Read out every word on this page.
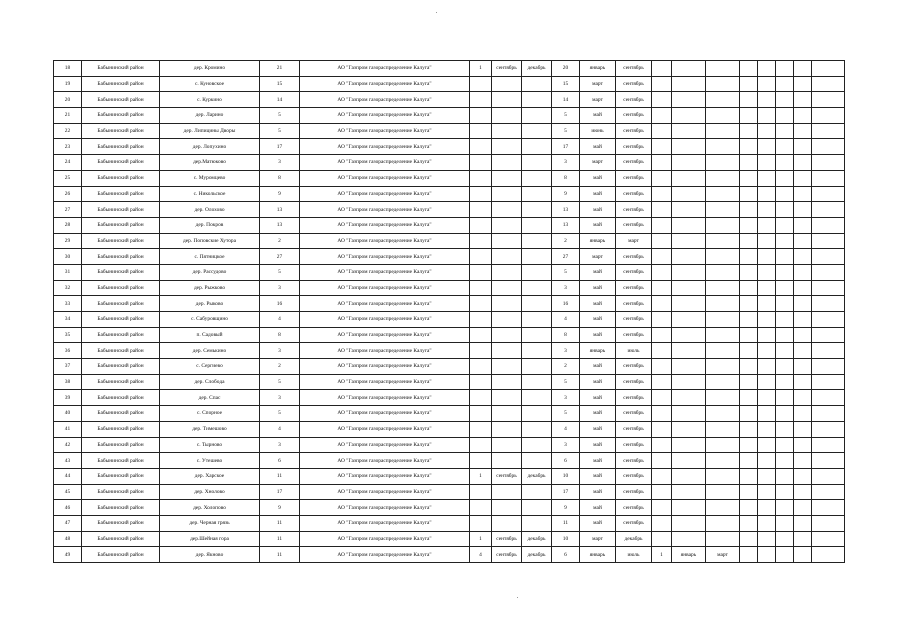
18	Бабынинский район	дер. Кромино	21	АО "Газпром газораспределение Калуга"	1	сентябрь	декабрь	20	январь	сентябрь								
19	Бабынинский район	с. Куновское	15	АО "Газпром газораспределение Калуга"				15	март	сентябрь								
20	Бабынинский район	с. Куркино	14	АО "Газпром газораспределение Калуга"				14	март	сентябрь								
21	Бабынинский район	дер. Ларино	5	АО "Газпром газораспределение Калуга"				5	май	сентябрь								
22	Бабынинский район	дер. Липицины Дворы	5	АО "Газпром газораспределение Калуга"				5	июнь	сентябрь								
23	Бабынинский район	дер. Лопухино	17	АО "Газпром газораспределение Калуга"				17	май	сентябрь								
24	Бабынинский район	дер.Матюково	3	АО "Газпром газораспределение Калуга"				3	март	сентябрь								
25	Бабынинский район	с. Муромцево	8	АО "Газпром газораспределение Калуга"				8	май	сентябрь								
26	Бабынинский район	с. Никольское	9	АО "Газпром газораспределение Калуга"				9	май	сентябрь								
27	Бабынинский район	дер. Олохово	13	АО "Газпром газораспределение Калуга"				13	май	сентябрь								
28	Бабынинский район	дер. Покров	13	АО "Газпром газораспределение Калуга"				13	май	сентябрь								
29	Бабынинский район	дер. Поповские Хутора	2	АО "Газпром газораспределение Калуга"				2	январь	март								
30	Бабынинский район	с. Пятницкое	27	АО "Газпром газораспределение Калуга"				27	март	сентябрь								
31	Бабынинский район	дер. Рассудово	5	АО "Газпром газораспределение Калуга"				5	май	сентябрь								
32	Бабынинский район	дер. Рыжково	3	АО "Газпром газораспределение Калуга"				3	май	сентябрь								
33	Бабынинский район	дер. Рыково	16	АО "Газпром газораспределение Калуга"				16	май	сентябрь								
34	Бабынинский район	с. Сабуровщино	4	АО "Газпром газораспределение Калуга"				4	май	сентябрь								
35	Бабынинский район	п. Садовый	8	АО "Газпром газораспределение Калуга"				8	май	сентябрь								
36	Бабынинский район	дер. Семькино	3	АО "Газпром газораспределение Калуга"				3	январь	июль								
37	Бабынинский район	с. Сергиево	2	АО "Газпром газораспределение Калуга"				2	май	сентябрь								
38	Бабынинский район	дер. Слобода	5	АО "Газпром газораспределение Калуга"				5	май	сентябрь								
39	Бабынинский район	дер. Спас	3	АО "Газпром газораспределение Калуга"				3	май	сентябрь								
40	Бабынинский район	с. Спорное	5	АО "Газпром газораспределение Калуга"				5	май	сентябрь								
41	Бабынинский район	дер. Тимешово	4	АО "Газпром газораспределение Калуга"				4	май	сентябрь								
42	Бабынинский район	с. Тырново	3	АО "Газпром газораспределение Калуга"				3	май	сентябрь								
43	Бабынинский район	с. Утешево	6	АО "Газпром газораспределение Калуга"				6	май	сентябрь								
44	Бабынинский район	дер. Харское	11	АО "Газпром газораспределение Калуга"	1	сентябрь	декабрь	10	май	сентябрь								
45	Бабынинский район	дер. Хнолово	17	АО "Газпром газораспределение Калуга"				17	май	сентябрь								
46	Бабынинский район	дер. Холопово	9	АО "Газпром газораспределение Калуга"				9	май	сентябрь								
47	Бабынинский район	дер. Черная грязь	11	АО "Газпром газораспределение Калуга"				11	май	сентябрь								
48	Бабынинский район	дер.Шейная гора	11	АО "Газпром газораспределение Калуга"	1	сентябрь	декабрь	10	март	декабрь								
49	Бабынинский район	дер. Якново	11	АО "Газпром газораспределение Калуга"	4	сентябрь	декабрь	6	январь	июль	1	январь	март					
